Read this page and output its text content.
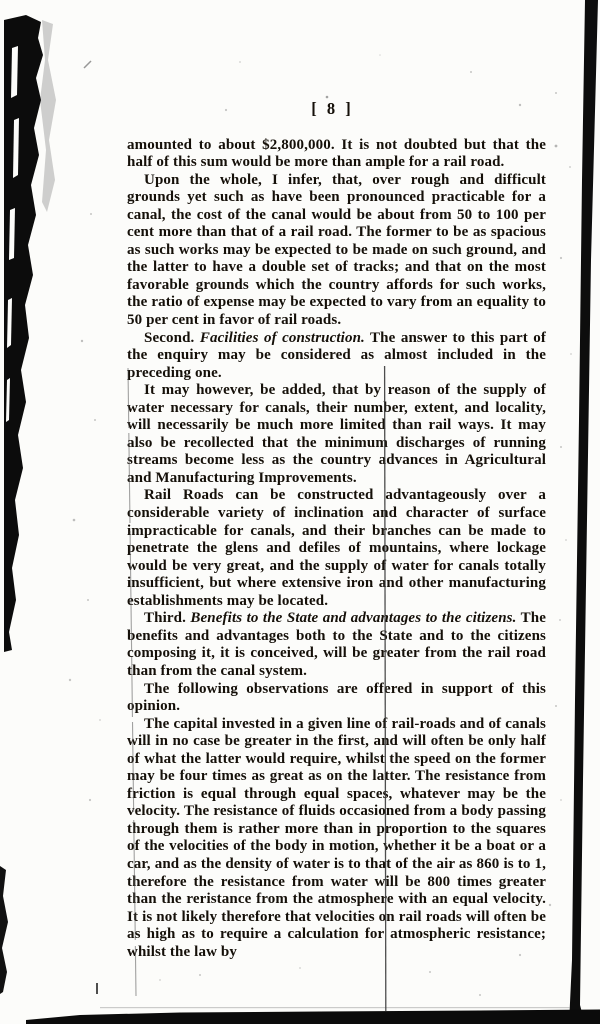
[ 8 ]

amounted to about $2,800,000. It is not doubted but that the half of this sum would be more than ample for a rail road.

Upon the whole, I infer, that, over rough and difficult grounds yet such as have been pronounced practicable for a canal, the cost of the canal would be about from 50 to 100 per cent more than that of a rail road. The former to be as spacious as such works may be expected to be made on such ground, and the latter to have a double set of tracks; and that on the most favorable grounds which the country affords for such works, the ratio of expense may be expected to vary from an equality to 50 per cent in favor of rail roads.

Second. Facilities of construction. The answer to this part of the enquiry may be considered as almost included in the preceding one.

It may however, be added, that by reason of the supply of water necessary for canals, their number, extent, and locality, will necessarily be much more limited than rail ways. It may also be recollected that the minimum discharges of running streams become less as the country advances in Agricultural and Manufacturing Improvements.

Rail Roads can be constructed advantageously over a considerable variety of inclination and character of surface impracticable for canals, and their branches can be made to penetrate the glens and defiles of mountains, where lockage would be very great, and the supply of water for canals totally insufficient, but where extensive iron and other manufacturing establishments may be located.

Third. Benefits to the State and advantages to the citizens. The benefits and advantages both to the State and to the citizens composing it, it is conceived, will be greater from the rail road than from the canal system.

The following observations are offered in support of this opinion.

The capital invested in a given line of rail-roads and of canals will in no case be greater in the first, and will often be only half of what the latter would require, whilst the speed on the former may be four times as great as on the latter. The resistance from friction is equal through equal spaces, whatever may be the velocity. The resistance of fluids occasioned from a body passing through them is rather more than in proportion to the squares of the velocities of the body in motion, whether it be a boat or a car, and as the density of water is to that of the air as 860 is to 1, therefore the resistance from water will be 800 times greater than the reristance from the atmosphere with an equal velocity. It is not likely therefore that velocities on rail roads will often be as high as to require a calculation for atmospheric resistance; whilst the law by
